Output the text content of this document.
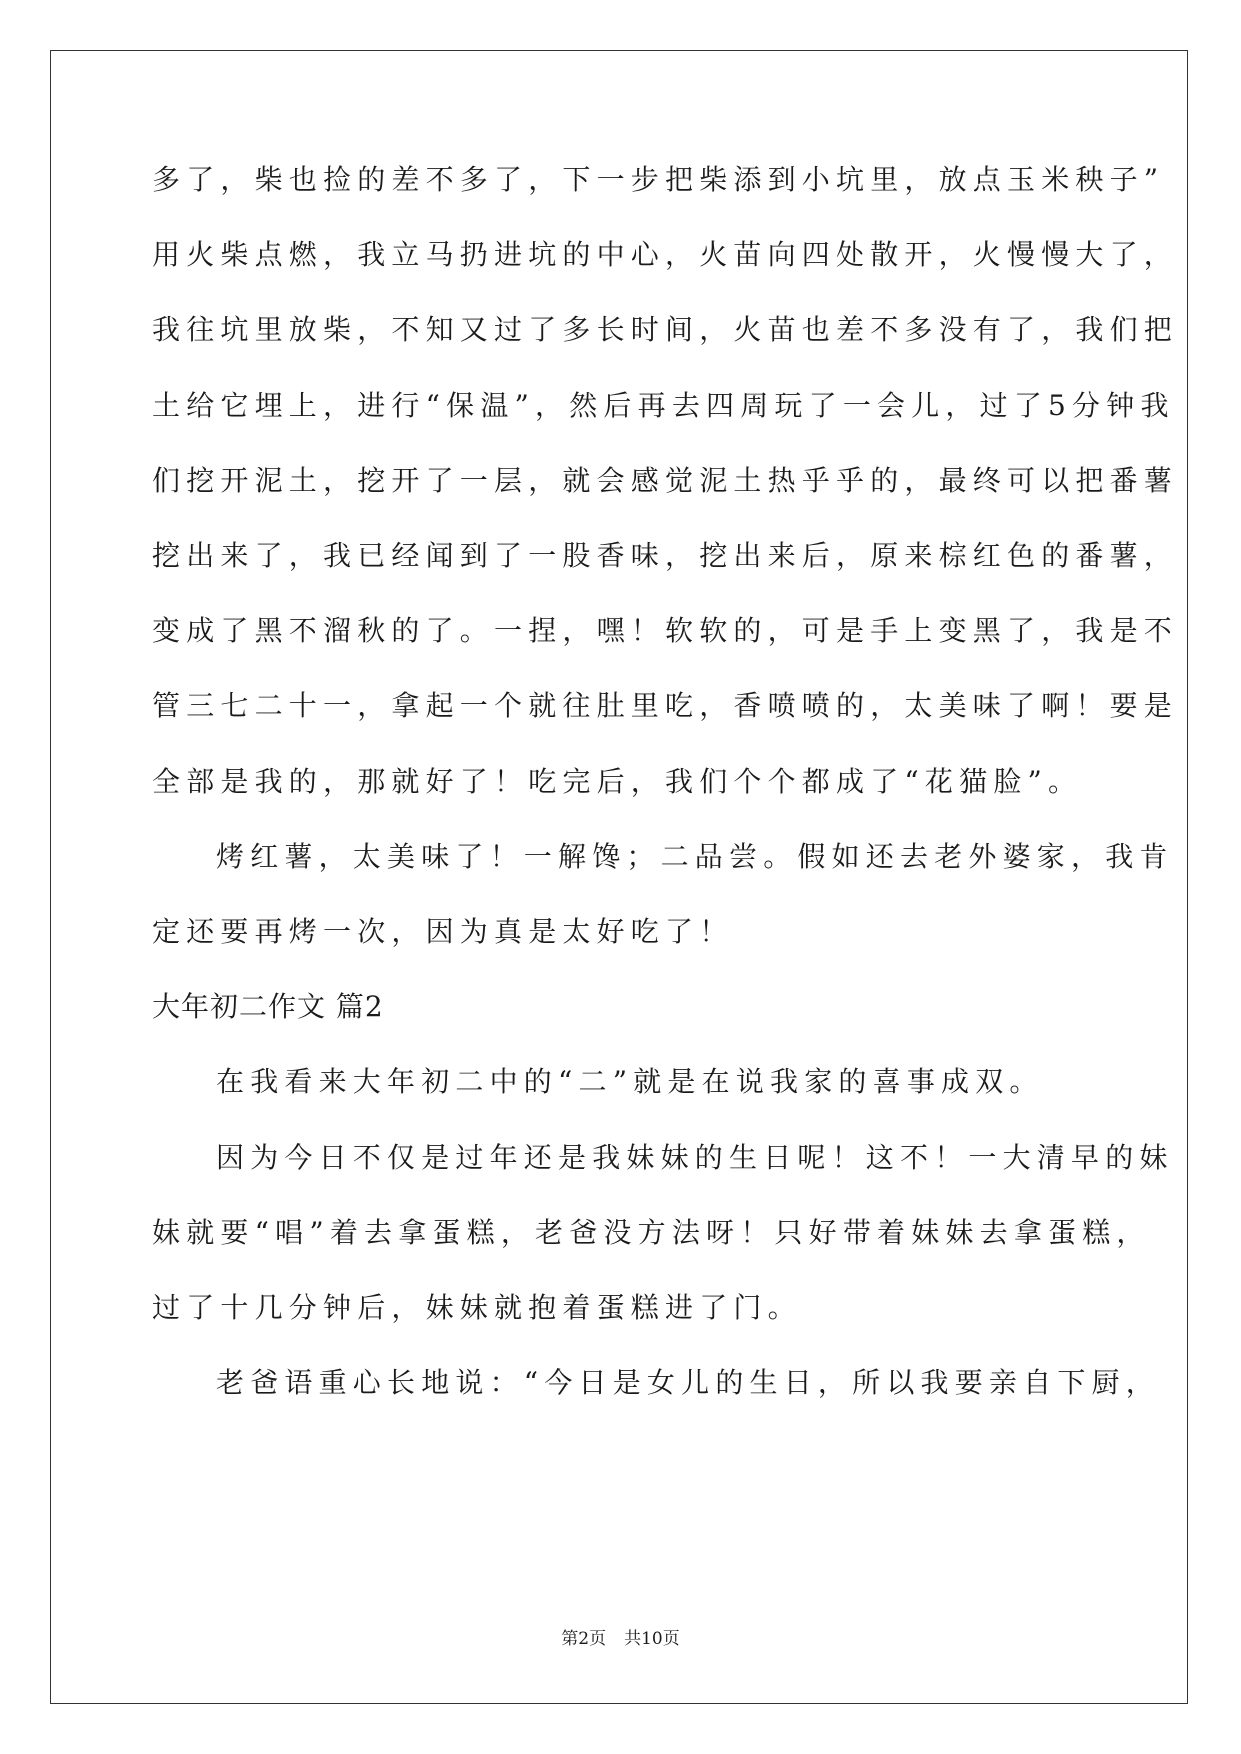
多了，柴也捡的差不多了，下一步把柴添到小坑里，放点玉米秧子”
用火柴点燃，我立马扔进坑的中心，火苗向四处散开，火慢慢大了，
我往坑里放柴，不知又过了多长时间，火苗也差不多没有了，我们把
土给它埋上，进行“保温”，然后再去四周玩了一会儿，过了5分钟我
们挖开泥土，挖开了一层，就会感觉泥土热乎乎的，最终可以把番薯
挖出来了，我已经闻到了一股香味，挖出来后，原来棕红色的番薯，
变成了黑不溜秋的了。一捏，嘿！软软的，可是手上变黑了，我是不
管三七二十一，拿起一个就往肚里吃，香喷喷的，太美味了啊！要是
全部是我的，那就好了！吃完后，我们个个都成了“花猫脸”。
烤红薯，太美味了！一解馋；二品尝。假如还去老外婆家，我肯
定还要再烤一次，因为真是太好吃了！
大年初二作文 篇2
在我看来大年初二中的“二”就是在说我家的喜事成双。
因为今日不仅是过年还是我妹妹的生日呢！这不！一大清早的妹
妹就要“唱”着去拿蛋糕，老爸没方法呀！只好带着妹妹去拿蛋糕，
过了十几分钟后，妹妹就抱着蛋糕进了门。
老爸语重心长地说：“今日是女儿的生日，所以我要亲自下厨，
第2页 共10页
